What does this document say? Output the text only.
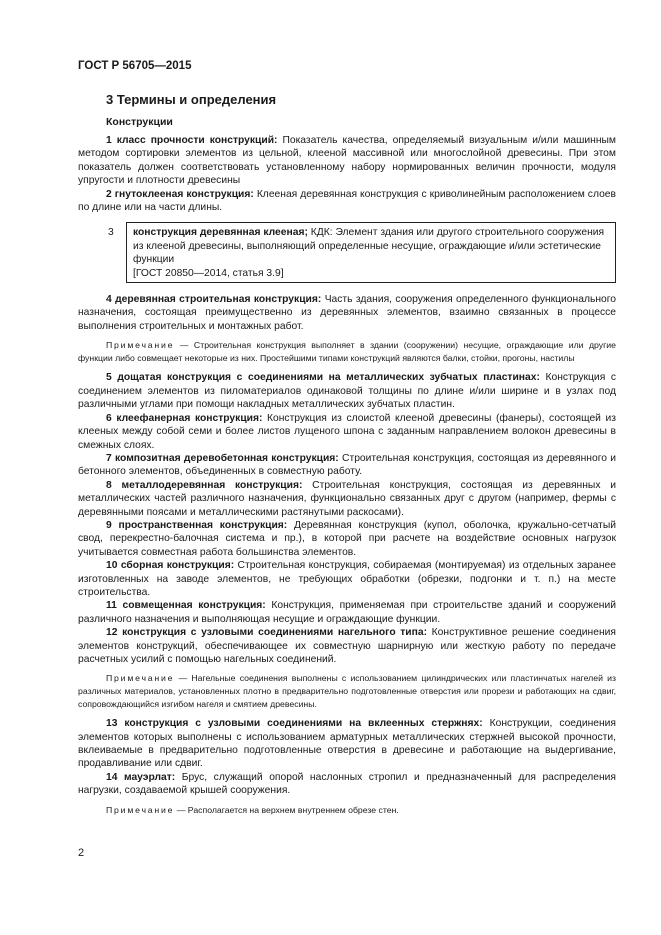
ГОСТ Р 56705—2015
3 Термины и определения
Конструкции

1 класс прочности конструкций: Показатель качества, определяемый визуальным и/или машинным методом сортировки элементов из цельной, клееной массивной или многослойной древесины. При этом показатель должен соответствовать установленному набору нормированных величин прочности, модуля упругости и плотности древесины

2 гнутоклееная конструкция: Клееная деревянная конструкция с криволинейным расположением слоев по длине или на части длины.

3	конструкция деревянная клееная; КДК: Элемент здания или другого строительного сооружения из клееной древесины, выполняющий определенные несущие, ограждающие и/или эстетические функции
[ГОСТ 20850—2014, статья 3.9]

4 деревянная строительная конструкция: Часть здания, сооружения определенного функционального назначения, состоящая преимущественно из деревянных элементов, взаимно связанных в процессе выполнения строительных и монтажных работ.

Примечание — Строительная конструкция выполняет в здании (сооружении) несущие, ограждающие или другие функции либо совмещает некоторые из них. Простейшими типами конструкций являются балки, стойки, прогоны, настилы

5 дощатая конструкция с соединениями на металлических зубчатых пластинах: Конструкция с соединением элементов из пиломатериалов одинаковой толщины по длине и/или ширине и в узлах под различными углами при помощи накладных металлических зубчатых пластин.

6 клеефанерная конструкция: Конструкция из слоистой клееной древесины (фанеры), состоящей из клееных между собой семи и более листов лущеного шпона с заданным направлением волокон древесины в смежных слоях.

7 композитная деревобетонная конструкция: Строительная конструкция, состоящая из деревянного и бетонного элементов, объединенных в совместную работу.

8 металлодеревянная конструкция: Строительная конструкция, состоящая из деревянных и металлических частей различного назначения, функционально связанных друг с другом (например, фермы с деревянными поясами и металлическими растянутыми раскосами).

9 пространственная конструкция: Деревянная конструкция (купол, оболочка, кружально-сетчатый свод, перекрестно-балочная система и пр.), в которой при расчете на воздействие основных нагрузок учитывается совместная работа большинства элементов.

10 сборная конструкция: Строительная конструкция, собираемая (монтируемая) из отдельных заранее изготовленных на заводе элементов, не требующих обработки (обрезки, подгонки и т. п.) на месте строительства.

11 совмещенная конструкция: Конструкция, применяемая при строительстве зданий и сооружений различного назначения и выполняющая несущие и ограждающие функции.

12 конструкция с узловыми соединениями нагельного типа: Конструктивное решение соединения элементов конструкций, обеспечивающее их совместную шарнирную или жесткую работу по передаче расчетных усилий с помощью нагельных соединений.

Примечание — Нагельные соединения выполнены с использованием цилиндрических или пластинчатых нагелей из различных материалов, установленных плотно в предварительно подготовленные отверстия или прорези и работающих на сдвиг, сопровождающийся изгибом нагеля и смятием древесины.

13 конструкция с узловыми соединениями на вклеенных стержнях: Конструкции, соединения элементов которых выполнены с использованием арматурных металлических стержней высокой прочности, вклеиваемые в предварительно подготовленные отверстия в древесине и работающие на выдергивание, продавливание или сдвиг.

14 мауэрлат: Брус, служащий опорой наслонных стропил и предназначенный для распределения нагрузки, создаваемой крышей сооружения.

Примечание — Располагается на верхнем внутреннем обрезе стен.

2
